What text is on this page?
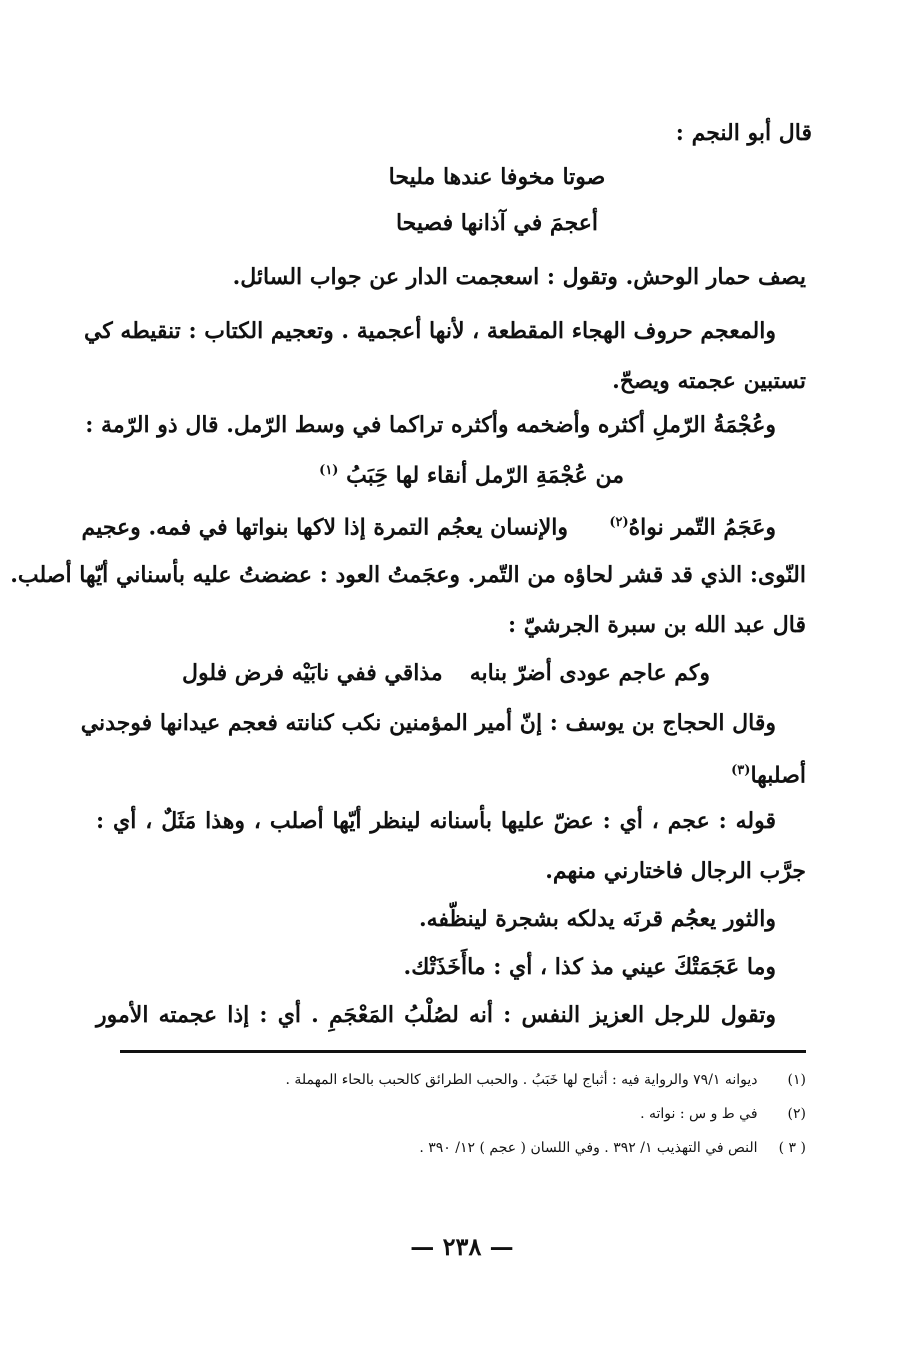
قال أبو النجم :
صوتا مخوفا عندها مليحا
أعجمَ في آذانها فصيحا
يصف حمار الوحش. وتقول : اسعجمت الدار عن جواب السائل.
والمعجم حروف الهجاء المقطعة ، لأنها أعجمية . وتعجيم الكتاب : تنقيطه كي
تستبين عجمته ويصحّ.
وعُجْمَةُ الرّملِ أكثره وأضخمه وأكثره تراكما في وسط الرّمل. قال ذو الرّمة :
من عُجْمَةِ الرّمل أنقاء لها حَِبَبُ $^{(١)}$
وعَجَمُ التّمر نواهُ$^{(٢)}$  والإنسان يعجُم التمرة إذا لاكها بنواتها في فمه. وعجيم
النّوى: الذي قد قشر لحاؤه من التّمر. وعجَمتُ العود : عضضتُ عليه بأسناني أيّها أصلب.
قال عبد الله بن سبرة الجرشيّ :
وكم عاجم عودى أضرّ بنابه
مذاقي ففي نابَيْه فرض فلول
وقال الحجاج بن يوسف : إنّ أمير المؤمنين نكب كنانته فعجم عيدانها فوجدني
أصلبها$^{(٣)}$
قوله : عجم ، أي : عضّ عليها بأسنانه لينظر أيّها أصلب ، وهذا مَثَلٌ ، أي :
جرَّب الرجال فاختارني منهم.
والثور يعجُم قرنَه يدلكه بشجرة لينظّفه.
وما عَجَمَتْكَ عيني مذ كذا ، أي : ماأَخَذَتْك.
وتقول للرجل العزيز النفس : أنه لصُلْبُ المَعْجَمِ . أي : إذا عجمته الأمور
(١) ديوانه ٧٩/١ والرواية فيه : أثباج لها خَبَبُ . والحبب الطرائق كالحبب بالحاء المهملة .
(٢) في ط و س : نواته .
( ٣ ) النص في التهذيب ١/ ٣٩٢ . وفي اللسان ( عجم ) ١٢/ ٣٩٠ .
— ٢٣٨ —
